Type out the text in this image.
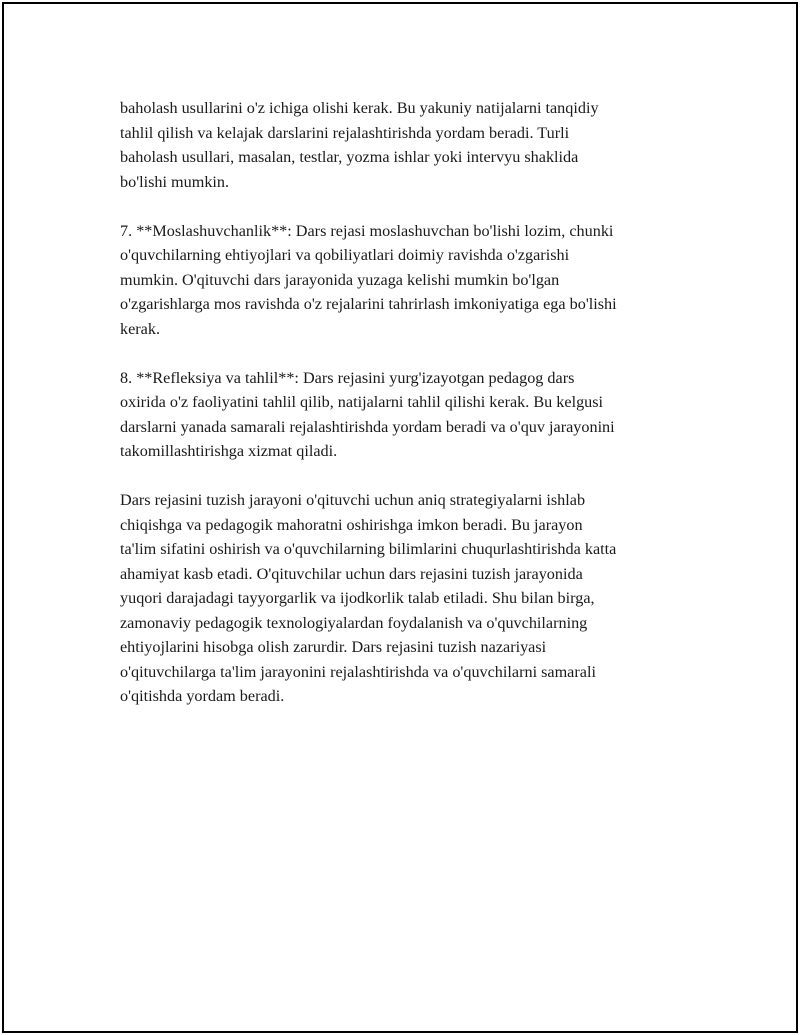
baholash usullarini o'z ichiga olishi kerak. Bu yakuniy natijalarni tanqidiy
tahlil qilish va kelajak darslarini rejalashtirishda yordam beradi. Turli
baholash usullari, masalan, testlar, yozma ishlar yoki intervyu shaklida
bo'lishi mumkin.

7. **Moslashuvchanlik**: Dars rejasi moslashuvchan bo'lishi lozim, chunki
o'quvchilarning ehtiyojlari va qobiliyatlari doimiy ravishda o'zgarishi
mumkin. O'qituvchi dars jarayonida yuzaga kelishi mumkin bo'lgan
o'zgarishlarga mos ravishda o'z rejalarini tahrirlash imkoniyatiga ega bo'lishi
kerak.

8. **Refleksiya va tahlil**: Dars rejasini yurg'izayotgan pedagog dars
oxirida o'z faoliyatini tahlil qilib, natijalarni tahlil qilishi kerak. Bu kelgusi
darslarni yanada samarali rejalashtirishda yordam beradi va o'quv jarayonini
takomillashtirishga xizmat qiladi.

Dars rejasini tuzish jarayoni o'qituvchi uchun aniq strategiyalarni ishlab
chiqishga va pedagogik mahoratni oshirishga imkon beradi. Bu jarayon
ta'lim sifatini oshirish va o'quvchilarning bilimlarini chuqurlashtirishda katta
ahamiyat kasb etadi. O'qituvchilar uchun dars rejasini tuzish jarayonida
yuqori darajadagi tayyorgarlik va ijodkorlik talab etiladi. Shu bilan birga,
zamonaviy pedagogik texnologiyalardan foydalanish va o'quvchilarning
ehtiyojlarini hisobga olish zarurdir. Dars rejasini tuzish nazariyasi
o'qituvchilarga ta'lim jarayonini rejalashtirishda va o'quvchilarni samarali
o'qitishda yordam beradi.
